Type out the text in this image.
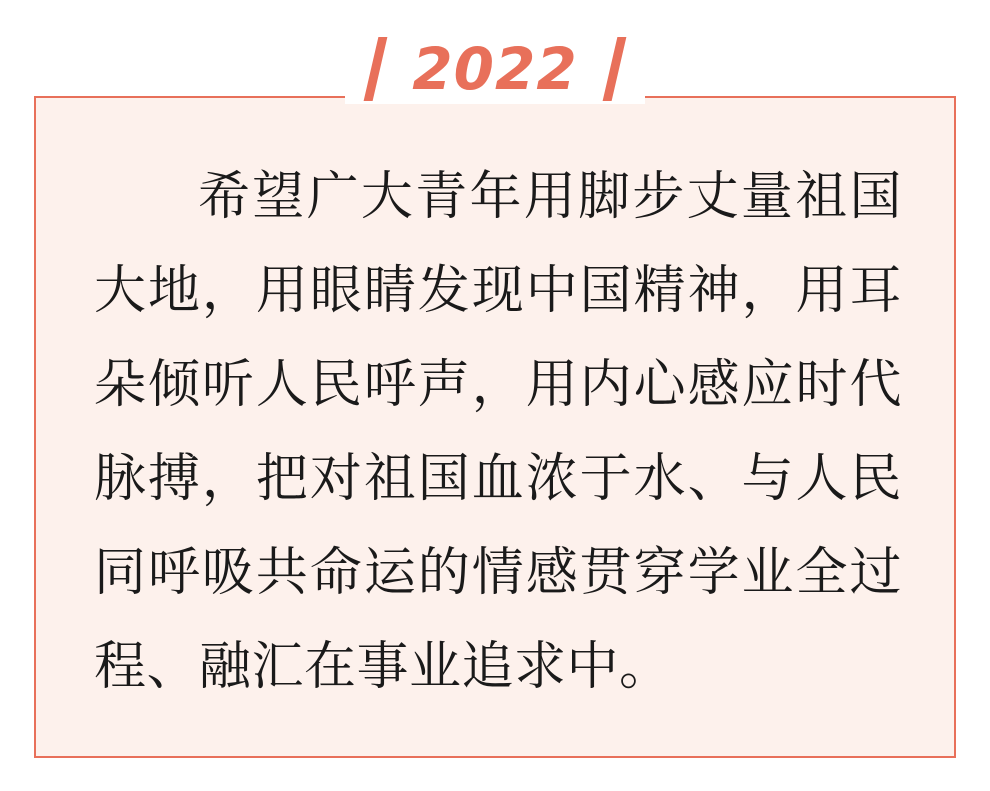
2022
希望广大青年用脚步丈量祖国大地，用眼睛发现中国精神，用耳朵倾听人民呼声，用内心感应时代脉搏，把对祖国血浓于水、与人民同呼吸共命运的情感贯穿学业全过程、融汇在事业追求中。
